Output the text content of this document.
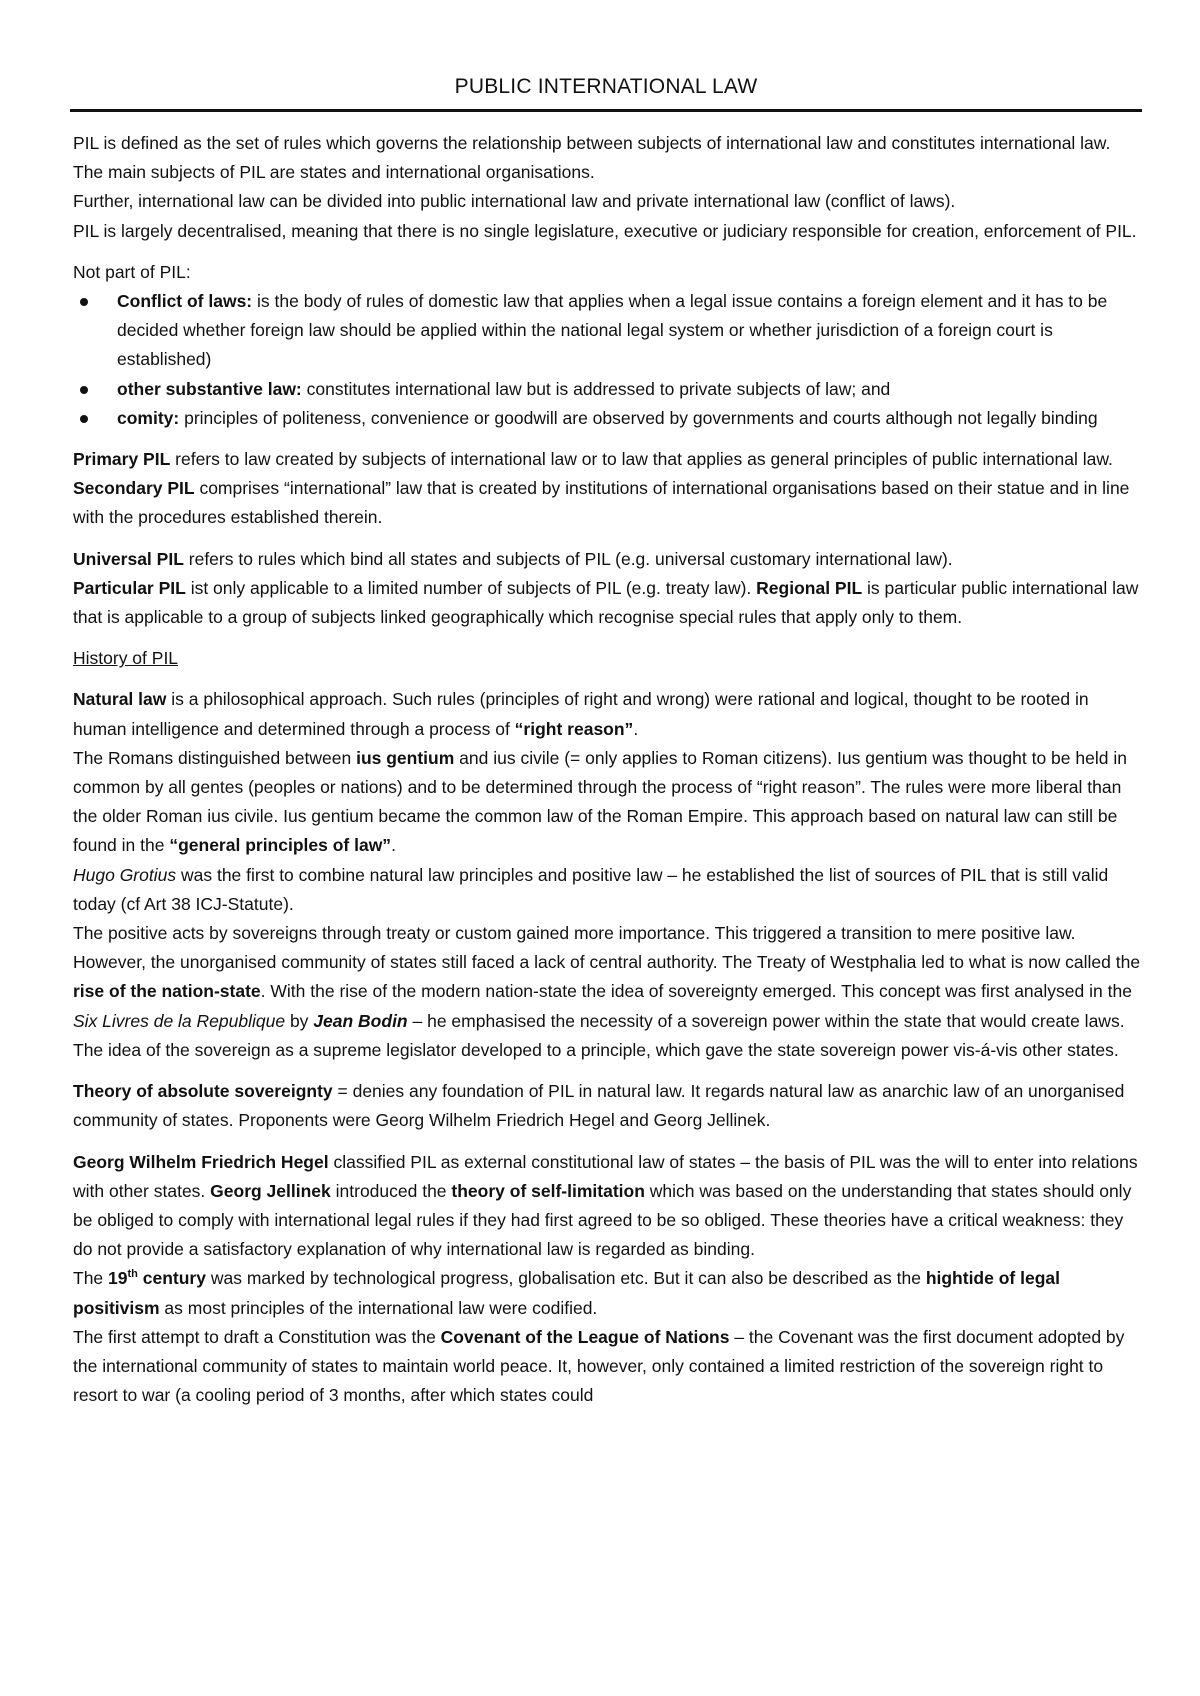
PUBLIC INTERNATIONAL LAW

PIL is defined as the set of rules which governs the relationship between subjects of international law and constitutes international law. The main subjects of PIL are states and international organisations.

Further, international law can be divided into public international law and private international law (conflict of laws).

PIL is largely decentralised, meaning that there is no single legislature, executive or judiciary responsible for creation, enforcement of PIL.

Not part of PIL:

Conflict of laws: is the body of rules of domestic law that applies when a legal issue contains a foreign element and it has to be decided whether foreign law should be applied within the national legal system or whether jurisdiction of a foreign court is established)
other substantive law: constitutes international law but is addressed to private subjects of law; and
comity: principles of politeness, convenience or goodwill are observed by governments and courts although not legally binding

Primary PIL refers to law created by subjects of international law or to law that applies as general principles of public international law.

Secondary PIL comprises “international” law that is created by institutions of international organisations based on their statue and in line with the procedures established therein.

Universal PIL refers to rules which bind all states and subjects of PIL (e.g. universal customary international law).

Particular PIL ist only applicable to a limited number of subjects of PIL (e.g. treaty law). Regional PIL is particular public international law that is applicable to a group of subjects linked geographically which recognise special rules that apply only to them.

History of PIL

Natural law is a philosophical approach. Such rules (principles of right and wrong) were rational and logical, thought to be rooted in human intelligence and determined through a process of “right reason”.

The Romans distinguished between ius gentium and ius civile (= only applies to Roman citizens). Ius gentium was thought to be held in common by all gentes (peoples or nations) and to be determined through the process of “right reason”. The rules were more liberal than the older Roman ius civile. Ius gentium became the common law of the Roman Empire. This approach based on natural law can still be found in the “general principles of law”.

Hugo Grotius was the first to combine natural law principles and positive law – he established the list of sources of PIL that is still valid today (cf Art 38 ICJ-Statute).

The positive acts by sovereigns through treaty or custom gained more importance. This triggered a transition to mere positive law. However, the unorganised community of states still faced a lack of central authority. The Treaty of Westphalia led to what is now called the rise of the nation-state. With the rise of the modern nation-state the idea of sovereignty emerged. This concept was first analysed in the Six Livres de la Republique by Jean Bodin – he emphasised the necessity of a sovereign power within the state that would create laws. The idea of the sovereign as a supreme legislator developed to a principle, which gave the state sovereign power vis-á-vis other states.

Theory of absolute sovereignty = denies any foundation of PIL in natural law. It regards natural law as anarchic law of an unorganised community of states. Proponents were Georg Wilhelm Friedrich Hegel and Georg Jellinek.

Georg Wilhelm Friedrich Hegel classified PIL as external constitutional law of states – the basis of PIL was the will to enter into relations with other states. Georg Jellinek introduced the theory of self-limitation which was based on the understanding that states should only be obliged to comply with international legal rules if they had first agreed to be so obliged. These theories have a critical weakness: they do not provide a satisfactory explanation of why international law is regarded as binding.

The 19th century was marked by technological progress, globalisation etc. But it can also be described as the hightide of legal positivism as most principles of the international law were codified.

The first attempt to draft a Constitution was the Covenant of the League of Nations – the Covenant was the first document adopted by the international community of states to maintain world peace. It, however, only contained a limited restriction of the sovereign right to resort to war (a cooling period of 3 months, after which states could
